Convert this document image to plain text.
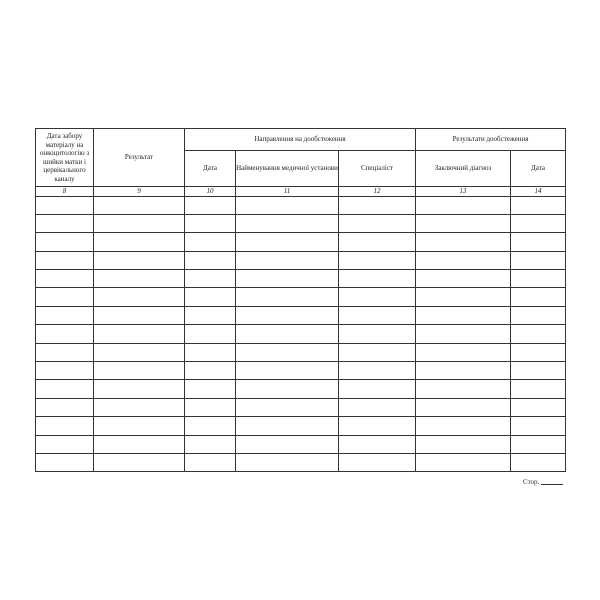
Дата забору матеріалу на онкоцитологію з шийки матки і цервікального каналу	Результат	Направлення на дообстеження			Результати дообстеження	
		Дата	Найменування медичної установи	Спеціаліст	Заключний діагноз	Дата
8	9	10	11	12	13	14

Стор.
